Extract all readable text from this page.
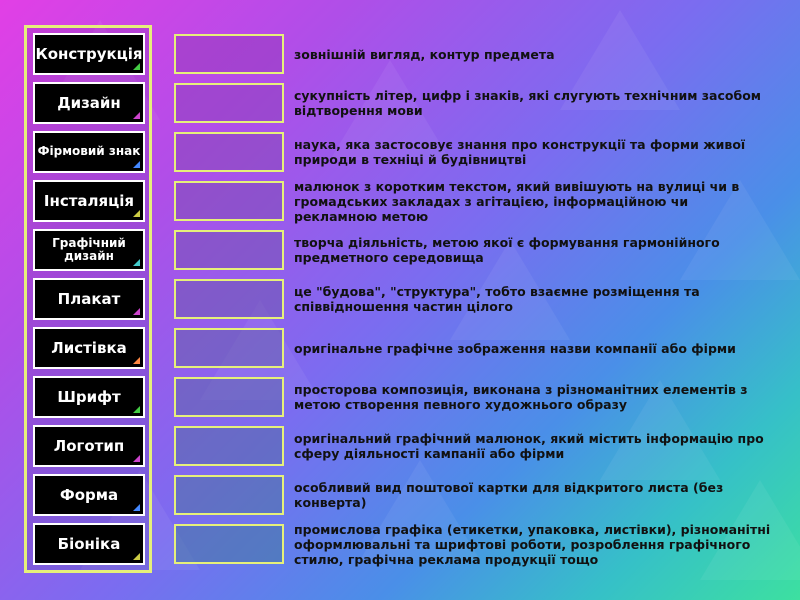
Конструкція
Дизайн
Фірмовий знак
Інсталяція
Графічний дизайн
Плакат
Листівка
Шрифт
Логотип
Форма
Біоніка
зовнішній вигляд, контур предмета
сукупність літер, цифр і знаків, які слугують технічним засобом відтворення мови
наука, яка застосовує знання про конструкції та форми живої природи в техніці й будівництві
малюнок з коротким текстом, який вивішують на вулиці чи в громадських закладах з агітацією, інформаційною чи рекламною метою
творча діяльність, метою якої є формування гармонійного предметного середовища
це "будова", "структура", тобто взаємне розміщення та співвідношення частин цілого
оригінальне графічне зображення назви компанії або фірми
просторова композиція, виконана з різноманітних елементів з метою створення певного художнього образу
оригінальний графічний малюнок, який містить інформацію про сферу діяльності кампанії або фірми
особливий вид поштової картки для відкритого листа (без конверта)
промислова графіка (етикетки, упаковка, листівки), різноманітні оформлювальні та шрифтові роботи, розроблення графічного стилю, графічна реклама продукції тощо
